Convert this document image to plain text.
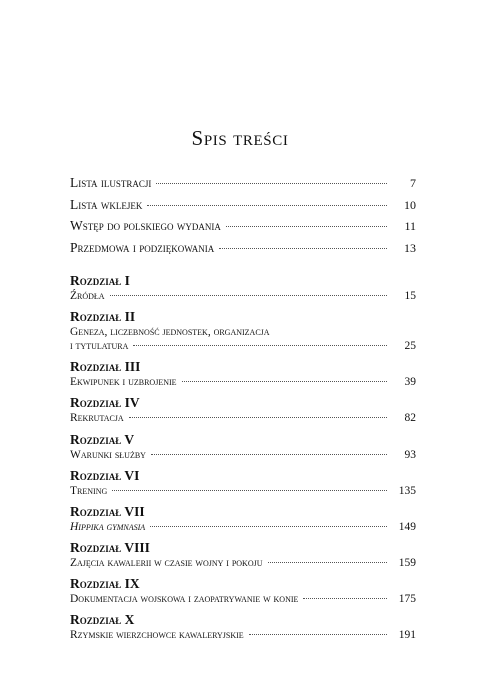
Spis treści
Lista ilustracji	7
Lista wklejek	10
Wstęp do polskiego wydania	11
Przedmowa i podziękowania	13
Rozdział I
Źródła	15
Rozdział II
Geneza, liczebność jednostek, organizacja
i tytulatura	25
Rozdział III
Ekwipunek i uzbrojenie	39
Rozdział IV
Rekrutacja	82
Rozdział V
Warunki służby	93
Rozdział VI
Trening	135
Rozdział VII
Hippika gymnasia	149
Rozdział VIII
Zajęcia kawalerii w czasie wojny i pokoju	159
Rozdział IX
Dokumentacja wojskowa i zaopatrywanie w konie	175
Rozdział X
Rzymskie wierzchowce kawaleryjskie	191
